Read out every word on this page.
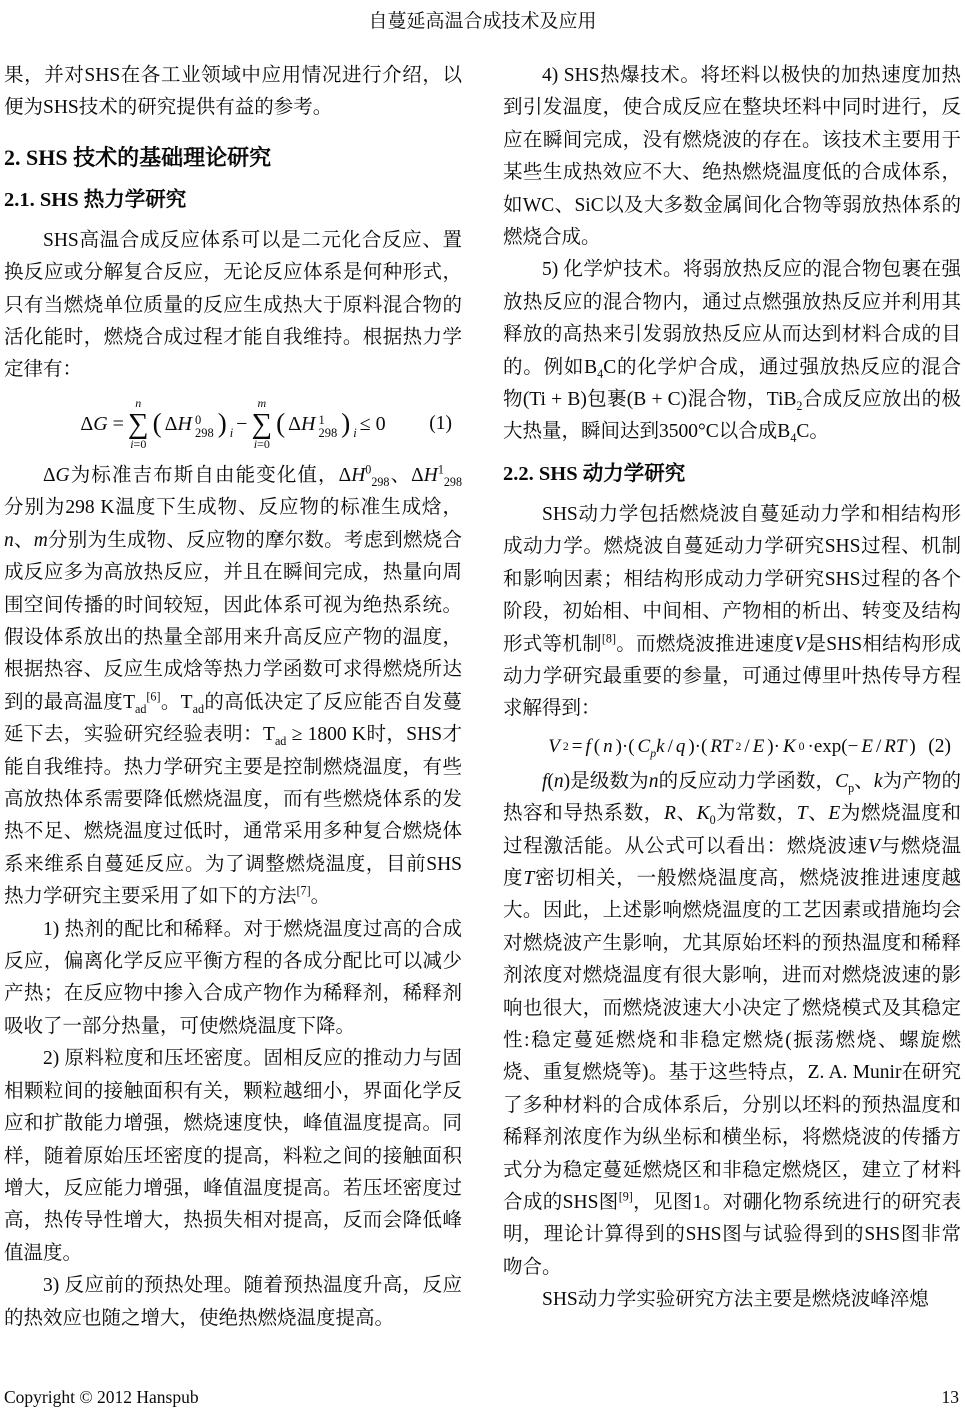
自蔓延高温合成技术及应用

果，并对SHS在各工业领域中应用情况进行介绍，以便为SHS技术的研究提供有益的参考。

2. SHS 技术的基础理论研究
2.1. SHS 热力学研究

SHS高温合成反应体系可以是二元化合反应、置换反应或分解复合反应，无论反应体系是何种形式，只有当燃烧单位质量的反应生成热大于原料混合物的活化能时，燃烧合成过程才能自我维持。根据热力学定律有：

ΔG =
n
∑
i=0
( ΔH 0
298 ) i −
m
∑
i=0
( ΔH 1
298 ) i ≤ 0 (1)

ΔG为标准吉布斯自由能变化值，$\Delta H^0_{298}$、$\Delta H^1_{298}$ 分别为298 K温度下生成物、反应物的标准生成焓，n、m分别为生成物、反应物的摩尔数。考虑到燃烧合成反应多为高放热反应，并且在瞬间完成，热量向周围空间传播的时间较短，因此体系可视为绝热系统。假设体系放出的热量全部用来升高反应产物的温度，根据热容、反应生成焓等热力学函数可求得燃烧所达到的最高温度$T_{ad}[6]$。$T_{ad}$的高低决定了反应能否自发蔓延下去，实验研究经验表明：$T_{ad} \ge 1800$ K时，SHS才能自我维持。热力学研究主要是控制燃烧温度，有些高放热体系需要降低燃烧温度，而有些燃烧体系的发热不足、燃烧温度过低时，通常采用多种复合燃烧体系来维系自蔓延反应。为了调整燃烧温度，目前SHS热力学研究主要采用了如下的方法[7]。

1) 热剂的配比和稀释。对于燃烧温度过高的合成反应，偏离化学反应平衡方程的各成分配比可以减少产热；在反应物中掺入合成产物作为稀释剂，稀释剂吸收了一部分热量，可使燃烧温度下降。

2) 原料粒度和压坯密度。固相反应的推动力与固相颗粒间的接触面积有关，颗粒越细小，界面化学反应和扩散能力增强，燃烧速度快，峰值温度提高。同样，随着原始压坯密度的提高，料粒之间的接触面积增大，反应能力增强，峰值温度提高。若压坯密度过高，热传导性增大，热损失相对提高，反而会降低峰值温度。

3) 反应前的预热处理。随着预热温度升高，反应的热效应也随之增大，使绝热燃烧温度提高。

4) SHS热爆技术。将坯料以极快的加热速度加热到引发温度，使合成反应在整块坯料中同时进行，反应在瞬间完成，没有燃烧波的存在。该技术主要用于某些生成热效应不大、绝热燃烧温度低的合成体系，如WC、SiC以及大多数金属间化合物等弱放热体系的燃烧合成。

5) 化学炉技术。将弱放热反应的混合物包裹在强放热反应的混合物内，通过点燃强放热反应并利用其释放的高热来引发弱放热反应从而达到材料合成的目的。例如$B_4C$的化学炉合成，通过强放热反应的混合物(Ti + B)包裹(B + C)混合物，TiB$_2$合成反应放出的极大热量，瞬间达到3500°C以合成$B_4C$。

2.2. SHS 动力学研究

SHS动力学包括燃烧波自蔓延动力学和相结构形成动力学。燃烧波自蔓延动力学研究SHS过程、机制和影响因素；相结构形成动力学研究SHS过程的各个阶段，初始相、中间相、产物相的析出、转变及结构形式等机制[8]。而燃烧波推进速度V是SHS相结构形成动力学研究最重要的参量，可通过傅里叶热传导方程求解得到：

V 2 = f ( n )·( $C_pk$ / q )·( RT 2 / E )· K 0 ·exp(− E / RT ) (2)

f(n)是级数为n的反应动力学函数，$C_p$、k为产物的热容和导热系数，R、$K_0$为常数，T、E为燃烧温度和过程激活能。从公式可以看出：燃烧波速V与燃烧温度T密切相关，一般燃烧温度高，燃烧波推进速度越大。因此，上述影响燃烧温度的工艺因素或措施均会对燃烧波产生影响，尤其原始坯料的预热温度和稀释剂浓度对燃烧温度有很大影响，进而对燃烧波速的影响也很大，而燃烧波速大小决定了燃烧模式及其稳定性:稳定蔓延燃烧和非稳定燃烧(振荡燃烧、螺旋燃烧、重复燃烧等)。基于这些特点，Z. A. Munir在研究了多种材料的合成体系后，分别以坯料的预热温度和稀释剂浓度作为纵坐标和横坐标，将燃烧波的传播方式分为稳定蔓延燃烧区和非稳定燃烧区，建立了材料合成的SHS图[9]，见图1。对硼化物系统进行的研究表明，理论计算得到的SHS图与试验得到的SHS图非常吻合。

SHS动力学实验研究方法主要是燃烧波峰淬熄

Copyright © 2012 Hanspub	13
